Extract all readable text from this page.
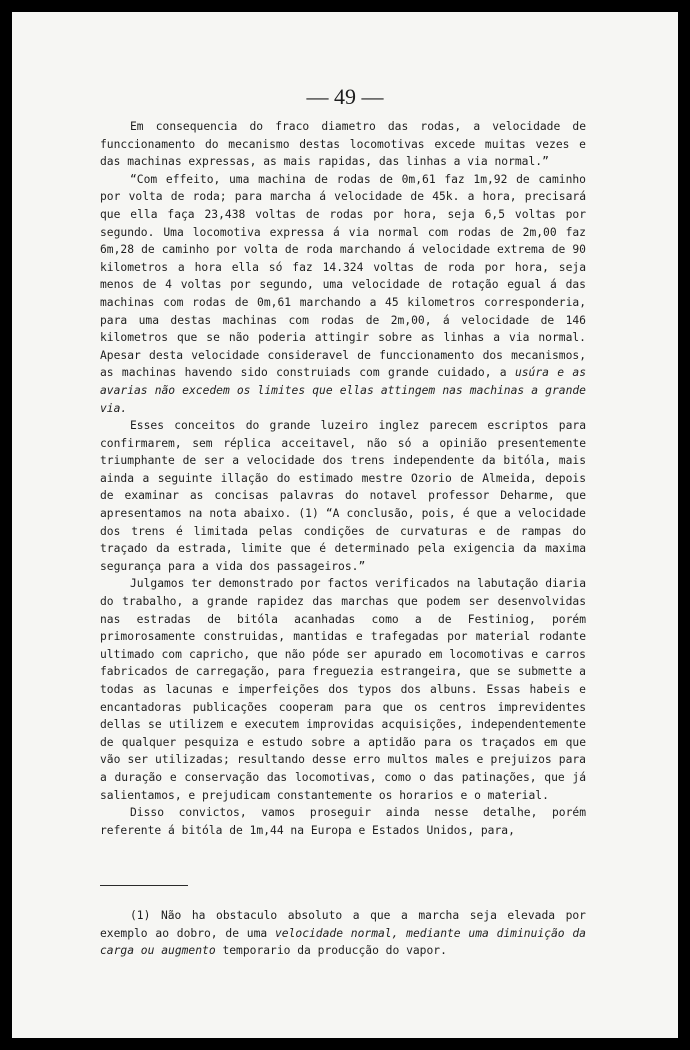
— 49 —

Em consequencia do fraco diametro das rodas, a velocidade de funccionamento do mecanismo destas locomotivas excede muitas vezes e das machinas expressas, as mais rapidas, das linhas a via normal.”

“Com effeito, uma machina de rodas de 0m,61 faz 1m,92 de caminho por volta de roda; para marcha á velocidade de 45k. a hora, precisará que ella faça 23,438 voltas de rodas por hora, seja 6,5 voltas por segundo. Uma locomotiva expressa á via normal com rodas de 2m,00 faz 6m,28 de caminho por volta de roda marchando á velocidade extrema de 90 kilometros a hora ella só faz 14.324 voltas de roda por hora, seja menos de 4 voltas por segundo, uma velocidade de rotação egual á das machinas com rodas de 0m,61 marchando a 45 kilometros corresponderia, para uma destas machinas com rodas de 2m,00, á velocidade de 146 kilometros que se não poderia attingir sobre as linhas a via normal. Apesar desta velocidade consideravel de funccionamento dos mecanismos, as machinas havendo sido construiads com grande cuidado, a usúra e as avarias não excedem os limites que ellas attingem nas machinas a grande via.

Esses conceitos do grande luzeiro inglez parecem escriptos para confirmarem, sem réplica acceitavel, não só a opinião presentemente triumphante de ser a velocidade dos trens independente da bitóla, mais ainda a seguinte illação do estimado mestre Ozorio de Almeida, depois de examinar as concisas palavras do notavel professor Deharme, que apresentamos na nota abaixo. (1) “A conclusão, pois, é que a velocidade dos trens é limitada pelas condições de curvaturas e de rampas do traçado da estrada, limite que é determinado pela exigencia da maxima segurança para a vida dos passageiros.”

Julgamos ter demonstrado por factos verificados na labutação diaria do trabalho, a grande rapidez das marchas que podem ser desenvolvidas nas estradas de bitóla acanhadas como a de Festiniog, porém primorosamente construidas, mantidas e trafegadas por material rodante ultimado com capricho, que não póde ser apurado em locomotivas e carros fabricados de carregação, para freguezia estrangeira, que se submette a todas as lacunas e imperfeições dos typos dos albuns. Essas habeis e encantadoras publicações cooperam para que os centros imprevidentes dellas se utilizem e executem improvidas acquisições, independentemente de qualquer pesquiza e estudo sobre a aptidão para os traçados em que vão ser utilizadas; resultando desse erro multos males e prejuizos para a duração e conservação das locomotivas, como o das patinações, que já salientamos, e prejudicam constantemente os horarios e o material.

Disso convictos, vamos proseguir ainda nesse detalhe, porém referente á bitóla de 1m,44 na Europa e Estados Unidos, para,

(1) Não ha obstaculo absoluto a que a marcha seja elevada por exemplo ao dobro, de uma velocidade normal, mediante uma diminuição da carga ou augmento temporario da producção do vapor.
